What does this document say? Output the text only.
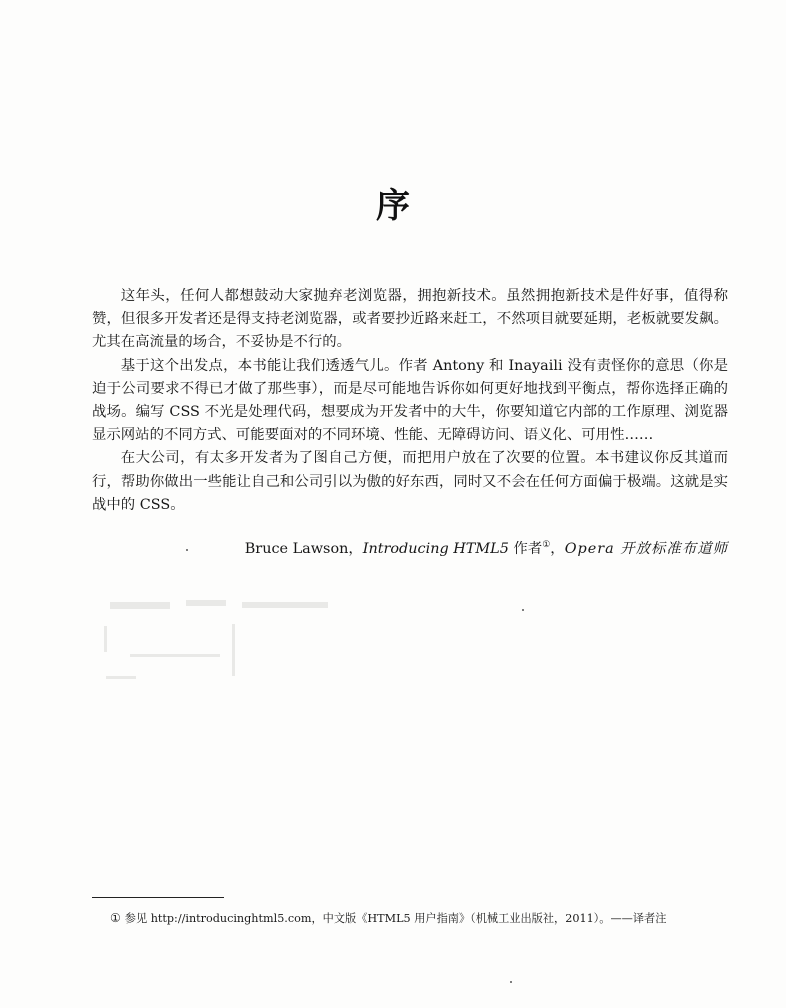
序

这年头，任何人都想鼓动大家抛弃老浏览器，拥抱新技术。虽然拥抱新技术是件好事，值得称赞，但很多开发者还是得支持老浏览器，或者要抄近路来赶工，不然项目就要延期，老板就要发飙。尤其在高流量的场合，不妥协是不行的。

基于这个出发点，本书能让我们透透气儿。作者 Antony 和 Inayaili 没有责怪你的意思（你是迫于公司要求不得已才做了那些事），而是尽可能地告诉你如何更好地找到平衡点，帮你选择正确的战场。编写 CSS 不光是处理代码，想要成为开发者中的大牛，你要知道它内部的工作原理、浏览器显示网站的不同方式、可能要面对的不同环境、性能、无障碍访问、语义化、可用性……

在大公司，有太多开发者为了图自己方便，而把用户放在了次要的位置。本书建议你反其道而行，帮助你做出一些能让自己和公司引以为傲的好东西，同时又不会在任何方面偏于极端。这就是实战中的 CSS。

Bruce Lawson，Introducing HTML5 作者①，Opera 开放标准布道师
① 参见 http://introducinghtml5.com，中文版《HTML5 用户指南》（机械工业出版社，2011）。——译者注
